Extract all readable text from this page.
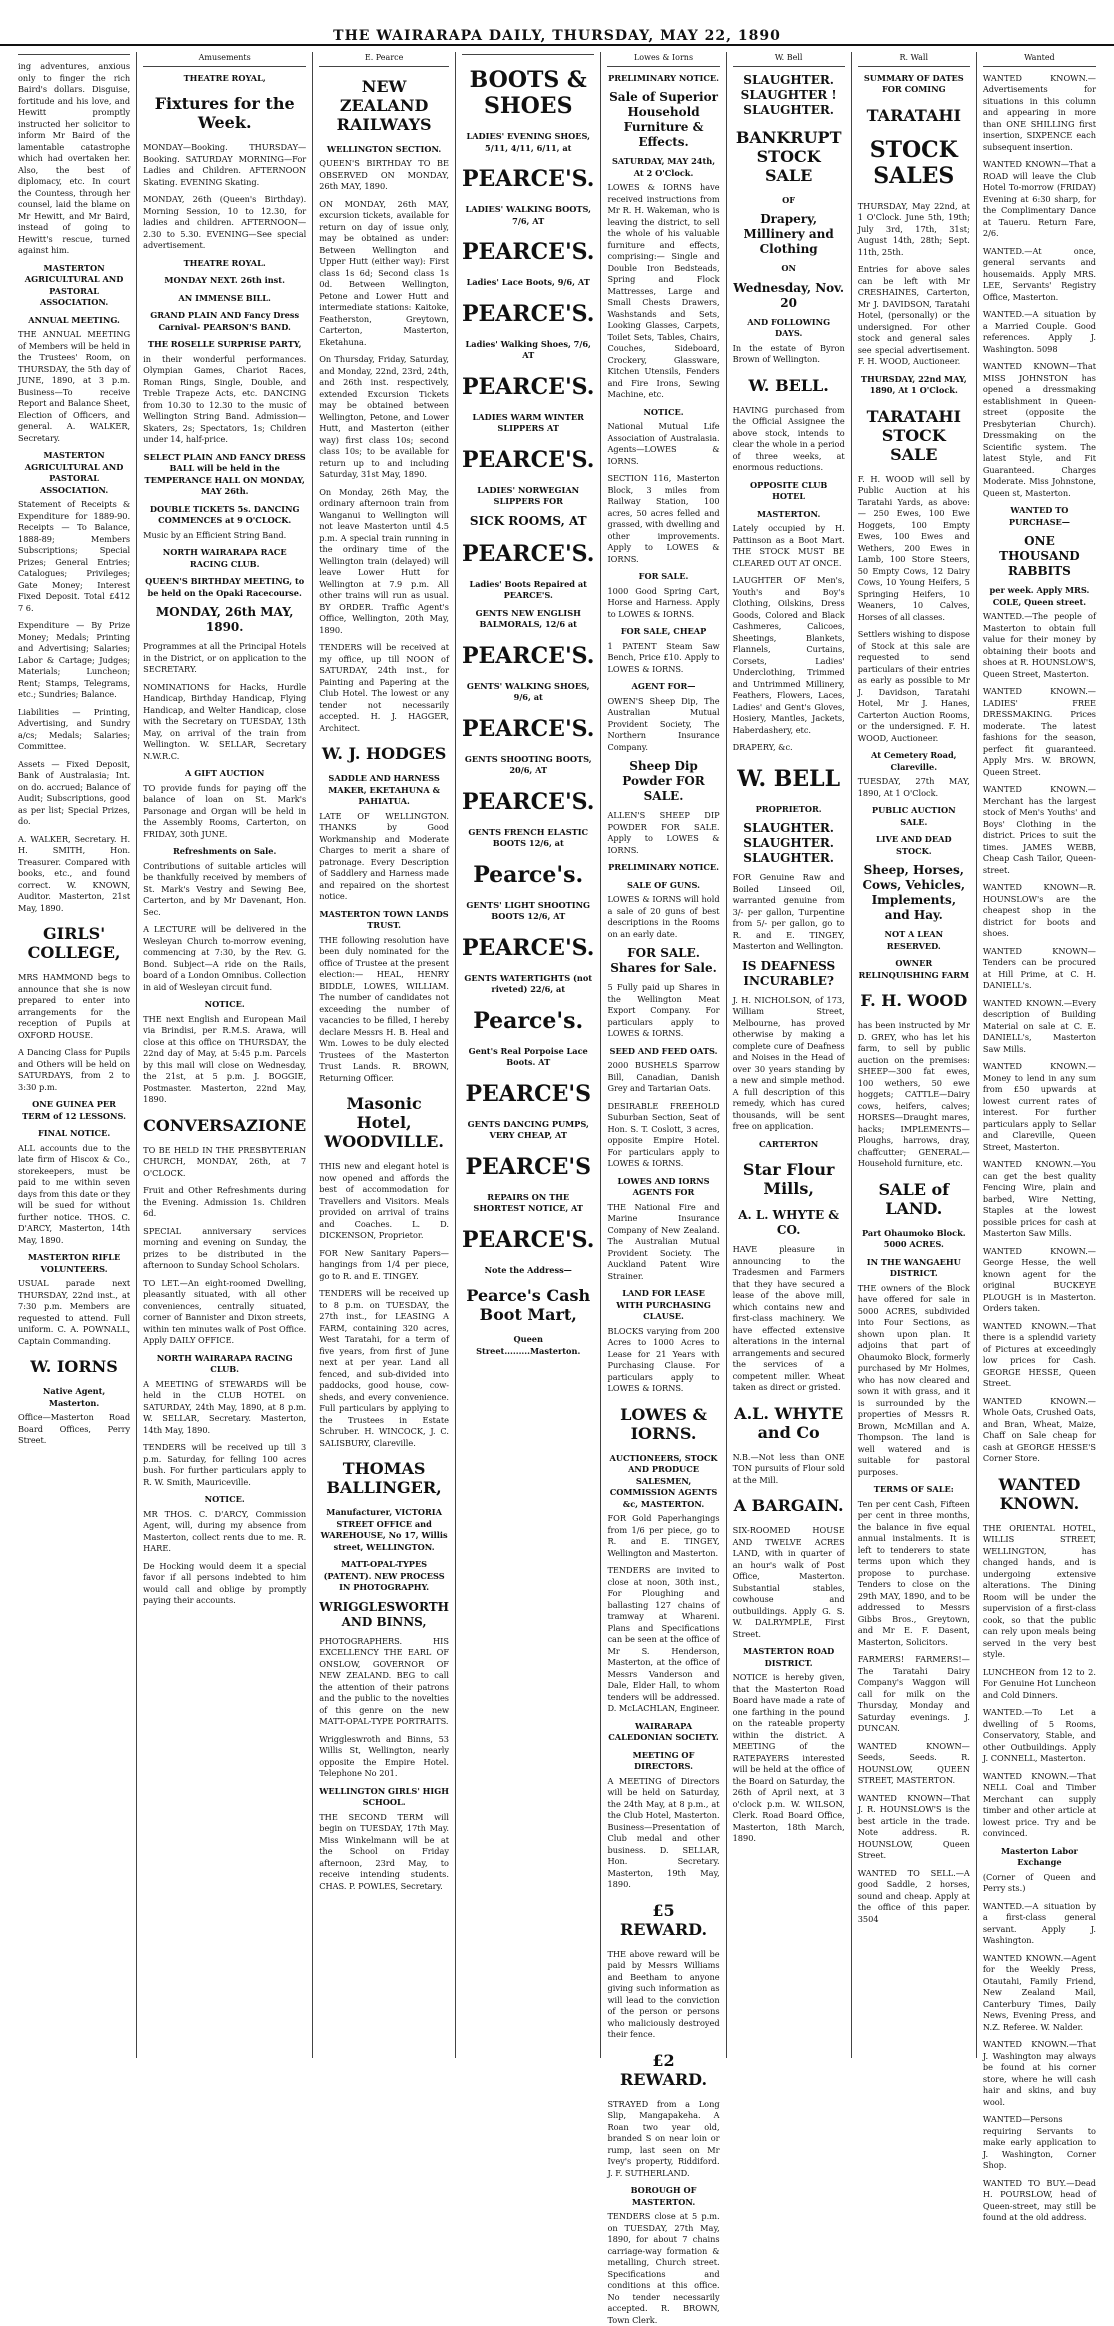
THE WAIRARAPA DAILY, THURSDAY, MAY 22, 1890
ing adventures, anxious only to finger the rich Baird's dollars. Disguise, fortitude and his love, and Hewitt promptly instructed her solicitor to inform Mr Baird of the lamentable catastrophe which had overtaken her. Also, the best of diplomacy, etc. In court the Countess, through her counsel, laid the blame on Mr Hewitt, and Mr Baird, instead of going to Hewitt's rescue, turned against him.
MASTERTON AGRICULTURAL AND PASTORAL ASSOCIATION.
ANNUAL MEETING.
THE ANNUAL MEETING of Members will be held in the Trustees' Room, on THURSDAY, the 5th day of JUNE, 1890, at 3 p.m. Business—To receive Report and Balance Sheet, Election of Officers, and general. A. WALKER, Secretary.
MASTERTON AGRICULTURAL AND PASTORAL ASSOCIATION.
Statement of Receipts & Expenditure for 1889-90. Receipts — To Balance, 1888-89; Members Subscriptions; Special Prizes; General Entries; Catalogues; Privileges; Gate Money; Interest Fixed Deposit. Total £412 7 6.
Expenditure — By Prize Money; Medals; Printing and Advertising; Salaries; Labor & Cartage; Judges; Materials; Luncheon; Rent; Stamps, Telegrams, etc.; Sundries; Balance.
Liabilities — Printing, Advertising, and Sundry a/cs; Medals; Salaries; Committee.
Assets — Fixed Deposit, Bank of Australasia; Int. on do. accrued; Balance of Audit; Subscriptions, good as per list; Special Prizes, do.
A. WALKER, Secretary. H. H. SMITH, Hon. Treasurer. Compared with books, etc., and found correct. W. KNOWN, Auditor. Masterton, 21st May, 1890.
GIRLS' COLLEGE,
MRS HAMMOND begs to announce that she is now prepared to enter into arrangements for the reception of Pupils at OXFORD HOUSE.
A Dancing Class for Pupils and Others will be held on SATURDAYS, from 2 to 3:30 p.m.
ONE GUINEA PER TERM of 12 LESSONS.
FINAL NOTICE.
ALL accounts due to the late firm of Hiscox & Co., storekeepers, must be paid to me within seven days from this date or they will be sued for without further notice. THOS. C. D'ARCY, Masterton, 14th May, 1890.
MASTERTON RIFLE VOLUNTEERS.
USUAL parade next THURSDAY, 22nd inst., at 7:30 p.m. Members are requested to attend. Full uniform. C. A. POWNALL, Captain Commanding.
W. IORNS
Native Agent, Masterton.
Office—Masterton Road Board Offices, Perry Street.
Amusements
THEATRE ROYAL,
Fixtures for the Week.
MONDAY—Booking. THURSDAY—Booking. SATURDAY MORNING—For Ladies and Children. AFTERNOON Skating. EVENING Skating.
MONDAY, 26th (Queen's Birthday). Morning Session, 10 to 12.30, for ladies and children. AFTERNOON—2.30 to 5.30. EVENING—See special advertisement.
THEATRE ROYAL.
MONDAY NEXT. 26th inst.
AN IMMENSE BILL.
GRAND PLAIN AND Fancy Dress Carnival- PEARSON'S BAND.
THE ROSELLE SURPRISE PARTY,
in their wonderful performances. Olympian Games, Chariot Races, Roman Rings, Single, Double, and Treble Trapeze Acts, etc. DANCING from 10.30 to 12.30 to the music of Wellington String Band. Admission—Skaters, 2s; Spectators, 1s; Children under 14, half-price.
SELECT PLAIN AND FANCY DRESS BALL will be held in the TEMPERANCE HALL ON MONDAY, MAY 26th.
DOUBLE TICKETS 5s. DANCING COMMENCES at 9 O'CLOCK.
Music by an Efficient String Band.
NORTH WAIRARAPA RACE RACING CLUB.
QUEEN'S BIRTHDAY MEETING, to be held on the Opaki Racecourse.
MONDAY, 26th MAY, 1890.
Programmes at all the Principal Hotels in the District, or on application to the SECRETARY.
NOMINATIONS for Hacks, Hurdle Handicap, Birthday Handicap, Flying Handicap, and Welter Handicap, close with the Secretary on TUESDAY, 13th May, on arrival of the train from Wellington. W. SELLAR, Secretary N.W.R.C.
A GIFT AUCTION
TO provide funds for paying off the balance of loan on St. Mark's Parsonage and Organ will be held in the Assembly Rooms, Carterton, on FRIDAY, 30th JUNE.
Refreshments on Sale.
Contributions of suitable articles will be thankfully received by members of St. Mark's Vestry and Sewing Bee, Carterton, and by Mr Davenant, Hon. Sec.
A LECTURE will be delivered in the Wesleyan Church to-morrow evening, commencing at 7:30, by the Rev. G. Bond. Subject—A ride on the Rails, board of a London Omnibus. Collection in aid of Wesleyan circuit fund.
NOTICE.
THE next English and European Mail via Brindisi, per R.M.S. Arawa, will close at this office on THURSDAY, the 22nd day of May, at 5:45 p.m. Parcels by this mail will close on Wednesday, the 21st, at 5 p.m. J. BOGGIE, Postmaster. Masterton, 22nd May, 1890.
CONVERSAZIONE
TO BE HELD IN THE PRESBYTERIAN CHURCH, MONDAY, 26th, at 7 O'CLOCK.
Fruit and Other Refreshments during the Evening. Admission 1s. Children 6d.
SPECIAL anniversary services morning and evening on Sunday, the prizes to be distributed in the afternoon to Sunday School Scholars.
TO LET.—An eight-roomed Dwelling, pleasantly situated, with all other conveniences, centrally situated, corner of Bannister and Dixon streets, within ten minutes walk of Post Office. Apply DAILY OFFICE.
NORTH WAIRARAPA RACING CLUB.
A MEETING of STEWARDS will be held in the CLUB HOTEL on SATURDAY, 24th May, 1890, at 8 p.m. W. SELLAR, Secretary. Masterton, 14th May, 1890.
TENDERS will be received up till 3 p.m. Saturday, for felling 100 acres bush. For further particulars apply to R. W. Smith, Mauriceville.
NOTICE.
MR THOS. C. D'ARCY, Commission Agent, will, during my absence from Masterton, collect rents due to me. R. HARE.
De Hocking would deem it a special favor if all persons indebted to him would call and oblige by promptly paying their accounts.
E. Pearce
NEW ZEALAND RAILWAYS
WELLINGTON SECTION.
QUEEN'S BIRTHDAY TO BE OBSERVED ON MONDAY, 26th MAY, 1890.
ON MONDAY, 26th MAY, excursion tickets, available for return on day of issue only, may be obtained as under: Between Wellington and Upper Hutt (either way): First class 1s 6d; Second class 1s 0d. Between Wellington, Petone and Lower Hutt and intermediate stations: Kaitoke, Featherston, Greytown, Carterton, Masterton, Eketahuna.
On Thursday, Friday, Saturday, and Monday, 22nd, 23rd, 24th, and 26th inst. respectively, extended Excursion Tickets may be obtained between Wellington, Petone, and Lower Hutt, and Masterton (either way) first class 10s; second class 10s; to be available for return up to and including Saturday, 31st May, 1890.
On Monday, 26th May, the ordinary afternoon train from Wanganui to Wellington will not leave Masterton until 4.5 p.m. A special train running in the ordinary time of the Wellington train (delayed) will leave Lower Hutt for Wellington at 7.9 p.m. All other trains will run as usual. BY ORDER. Traffic Agent's Office, Wellington, 20th May, 1890.
TENDERS will be received at my office, up till NOON of SATURDAY, 24th inst., for Painting and Papering at the Club Hotel. The lowest or any tender not necessarily accepted. H. J. HAGGER, Architect.
W. J. HODGES
SADDLE AND HARNESS MAKER, EKETAHUNA & PAHIATUA.
LATE OF WELLINGTON. THANKS by Good Workmanship and Moderate Charges to merit a share of patronage. Every Description of Saddlery and Harness made and repaired on the shortest notice.
MASTERTON TOWN LANDS TRUST.
THE following resolution have been duly nominated for the office of Trustee at the present election:— HEAL, HENRY BIDDLE, LOWES, WILLIAM. The number of candidates not exceeding the number of vacancies to be filled, I hereby declare Messrs H. B. Heal and Wm. Lowes to be duly elected Trustees of the Masterton Trust Lands. R. BROWN, Returning Officer.
Masonic Hotel, WOODVILLE.
THIS new and elegant hotel is now opened and affords the best of accommodation for Travellers and Visitors. Meals provided on arrival of trains and Coaches. L. D. DICKENSON, Proprietor.
FOR New Sanitary Papers—hangings from 1/4 per piece, go to R. and E. TINGEY.
TENDERS will be received up to 8 p.m. on TUESDAY, the 27th inst., for LEASING A FARM, containing 320 acres, West Taratahi, for a term of five years, from first of June next at per year. Land all fenced, and sub-divided into paddocks, good house, cow-sheds, and every convenience. Full particulars by applying to the Trustees in Estate Schruber. H. WINCOCK, J. C. SALISBURY, Clareville.
THOMAS BALLINGER,
Manufacturer, VICTORIA STREET OFFICE and WAREHOUSE, No 17, Willis street, WELLINGTON.
MATT-OPAL-TYPES (PATENT). NEW PROCESS IN PHOTOGRAPHY.
WRIGGLESWORTH AND BINNS,
PHOTOGRAPHERS. HIS EXCELLENCY THE EARL OF ONSLOW, GOVERNOR OF NEW ZEALAND. BEG to call the attention of their patrons and the public to the novelties of this genre on the new MATT-OPAL-TYPE PORTRAITS.
Wriggleswroth and Binns, 53 Willis St, Wellington, nearly opposite the Empire Hotel. Telephone No 201.
WELLINGTON GIRLS' HIGH SCHOOL.
THE SECOND TERM will begin on TUESDAY, 17th May. Miss Winkelmann will be at the School on Friday afternoon, 23rd May, to receive intending students. CHAS. P. POWLES, Secretary.
BOOTS & SHOES
LADIES' EVENING SHOES, 5/11, 4/11, 6/11, at
PEARCE'S.
LADIES' WALKING BOOTS, 7/6, AT
PEARCE'S.
Ladies' Lace Boots, 9/6, AT
PEARCE'S.
Ladies' Walking Shoes, 7/6, AT
PEARCE'S.
LADIES WARM WINTER SLIPPERS AT
PEARCE'S.
LADIES' NORWEGIAN SLIPPERS FOR
SICK ROOMS, AT
PEARCE'S.
Ladies' Boots Repaired at PEARCE'S.
GENTS NEW ENGLISH BALMORALS, 12/6 at
PEARCE'S.
GENTS' WALKING SHOES, 9/6, at
PEARCE'S.
GENTS SHOOTING BOOTS, 20/6, AT
PEARCE'S.
GENTS FRENCH ELASTIC BOOTS 12/6, at
Pearce's.
GENTS' LIGHT SHOOTING BOOTS 12/6, AT
PEARCE'S.
GENTS WATERTIGHTS (not riveted) 22/6, at
Pearce's.
Gent's Real Porpoise Lace Boots. AT
PEARCE'S
GENTS DANCING PUMPS, VERY CHEAP, AT
PEARCE'S
REPAIRS ON THE SHORTEST NOTICE, AT
PEARCE'S.
Note the Address—
Pearce's Cash Boot Mart,
Queen Street.........Masterton.
Lowes & Iorns
PRELIMINARY NOTICE.
Sale of Superior Household Furniture & Effects.
SATURDAY, MAY 24th, At 2 O'Clock.
LOWES & IORNS have received instructions from Mr R. H. Wakeman, who is leaving the district, to sell the whole of his valuable furniture and effects, comprising:— Single and Double Iron Bedsteads, Spring and Flock Mattresses, Large and Small Chests Drawers, Washstands and Sets, Looking Glasses, Carpets, Toilet Sets, Tables, Chairs, Couches, Sideboard, Crockery, Glassware, Kitchen Utensils, Fenders and Fire Irons, Sewing Machine, etc.
NOTICE.
National Mutual Life Association of Australasia. Agents—LOWES & IORNS.
SECTION 116, Masterton Block, 3 miles from Railway Station, 100 acres, 50 acres felled and grassed, with dwelling and other improvements. Apply to LOWES & IORNS.
FOR SALE.
1000 Good Spring Cart, Horse and Harness. Apply to LOWES & IORNS.
FOR SALE, CHEAP
1 PATENT Steam Saw Bench, Price £10. Apply to LOWES & IORNS.
AGENT FOR—
OWEN'S Sheep Dip, The Australian Mutual Provident Society, The Northern Insurance Company.
Sheep Dip Powder FOR SALE.
ALLEN'S SHEEP DIP POWDER FOR SALE. Apply to LOWES & IORNS.
PRELIMINARY NOTICE.
SALE OF GUNS.
LOWES & IORNS will hold a sale of 20 guns of best descriptions in the Rooms on an early date.
FOR SALE. Shares for Sale.
5 Fully paid up Shares in the Wellington Meat Export Company. For particulars apply to LOWES & IORNS.
SEED AND FEED OATS.
2000 BUSHELS Sparrow Bill, Canadian, Danish Grey and Tartarian Oats.
DESIRABLE FREEHOLD Suburban Section, Seat of Hon. S. T. Coslott, 3 acres, opposite Empire Hotel. For particulars apply to LOWES & IORNS.
LOWES AND IORNS AGENTS FOR
THE National Fire and Marine Insurance Company of New Zealand. The Australian Mutual Provident Society. The Auckland Patent Wire Strainer.
LAND FOR LEASE WITH PURCHASING CLAUSE.
BLOCKS varying from 200 Acres to 1000 Acres to Lease for 21 Years with Purchasing Clause. For particulars apply to LOWES & IORNS.
LOWES & IORNS.
AUCTIONEERS, STOCK AND PRODUCE SALESMEN, COMMISSION AGENTS &c, MASTERTON.
FOR Gold Paperhangings from 1/6 per piece, go to R. and E. TINGEY, Wellington and Masterton.
TENDERS are invited to close at noon, 30th inst., For Ploughing and ballasting 127 chains of tramway at Whareni. Plans and Specifications can be seen at the office of Mr S. Henderson, Masterton, at the office of Messrs Vanderson and Dale, Elder Hall, to whom tenders will be addressed. D. McLACHLAN, Engineer.
WAIRARAPA CALEDONIAN SOCIETY.
MEETING OF DIRECTORS.
A MEETING of Directors will be held on Saturday, the 24th May, at 8 p.m., at the Club Hotel, Masterton. Business—Presentation of Club medal and other business. D. SELLAR, Hon. Secretary. Masterton, 19th May, 1890.
£5 REWARD.
THE above reward will be paid by Messrs Williams and Beetham to anyone giving such information as will lead to the conviction of the person or persons who maliciously destroyed their fence.
£2 REWARD.
STRAYED from a Long Slip, Mangapakeha. A Roan two year old, branded S on near loin or rump, last seen on Mr Ivey's property, Riddiford. J. F. SUTHERLAND.
BOROUGH OF MASTERTON.
TENDERS close at 5 p.m. on TUESDAY, 27th May, 1890, for about 7 chains carriage-way formation & metalling, Church street. Specifications and conditions at this office. No tender necessarily accepted. R. BROWN, Town Clerk.
W. Bell
SLAUGHTER. SLAUGHTER ! SLAUGHTER.
BANKRUPT STOCK SALE
OF
Drapery, Millinery and Clothing
ON
Wednesday, Nov. 20
AND FOLLOWING DAYS.
In the estate of Byron Brown of Wellington.
W. BELL.
HAVING purchased from the Official Assignee the above stock, intends to clear the whole in a period of three weeks, at enormous reductions.
OPPOSITE CLUB HOTEL
MASTERTON.
Lately occupied by H. Pattinson as a Boot Mart. THE STOCK MUST BE CLEARED OUT AT ONCE.
LAUGHTER OF Men's, Youth's and Boy's Clothing, Oilskins, Dress Goods, Colored and Black Cashmeres, Calicoes, Sheetings, Blankets, Flannels, Curtains, Corsets, Ladies' Underclothing, Trimmed and Untrimmed Millinery, Feathers, Flowers, Laces, Ladies' and Gent's Gloves, Hosiery, Mantles, Jackets, Haberdashery, etc.
DRAPERY, &c.
W. BELL
PROPRIETOR.
SLAUGHTER. SLAUGHTER. SLAUGHTER.
FOR Genuine Raw and Boiled Linseed Oil, warranted genuine from 3/- per gallon, Turpentine from 5/- per gallon, go to R. and E. TINGEY, Masterton and Wellington.
IS DEAFNESS INCURABLE?
J. H. NICHOLSON, of 173, William Street, Melbourne, has proved otherwise by making a complete cure of Deafness and Noises in the Head of over 30 years standing by a new and simple method. A full description of this remedy, which has cured thousands, will be sent free on application.
CARTERTON
Star Flour Mills,
A. L. WHYTE & CO.
HAVE pleasure in announcing to the Tradesmen and Farmers that they have secured a lease of the above mill, which contains new and first-class machinery. We have effected extensive alterations in the internal arrangements and secured the services of a competent miller. Wheat taken as direct or gristed.
A.L. WHYTE and Co
N.B.—Not less than ONE TON pursuits of Flour sold at the Mill.
A BARGAIN.
SIX-ROOMED HOUSE AND TWELVE ACRES LAND, with in quarter of an hour's walk of Post Office, Masterton. Substantial stables, cowhouse and outbuildings. Apply G. S. W. DALRYMPLE, First Street.
MASTERTON ROAD DISTRICT.
NOTICE is hereby given, that the Masterton Road Board have made a rate of one farthing in the pound on the rateable property within the district. A MEETING of the RATEPAYERS interested will be held at the office of the Board on Saturday, the 26th of April next, at 3 o'clock p.m. W. WILSON, Clerk. Road Board Office, Masterton, 18th March, 1890.
R. Wall
SUMMARY OF DATES FOR COMING
TARATAHI
STOCK SALES
THURSDAY, May 22nd, at 1 O'Clock. June 5th, 19th; July 3rd, 17th, 31st; August 14th, 28th; Sept. 11th, 25th.
Entries for above sales can be left with Mr CRESHAINES, Carterton, Mr J. DAVIDSON, Taratahi Hotel, (personally) or the undersigned. For other stock and general sales see special advertisement. F. H. WOOD, Auctioneer.
THURSDAY, 22nd MAY, 1890, At 1 O'Clock.
TARATAHI STOCK SALE
F. H. WOOD will sell by Public Auction at his Taratahi Yards, as above:— 250 Ewes, 100 Ewe Hoggets, 100 Empty Ewes, 100 Ewes and Wethers, 200 Ewes in Lamb, 100 Store Steers, 50 Empty Cows, 12 Dairy Cows, 10 Young Heifers, 5 Springing Heifers, 10 Weaners, 10 Calves, Horses of all classes.
Settlers wishing to dispose of Stock at this sale are requested to send particulars of their entries as early as possible to Mr J. Davidson, Taratahi Hotel, Mr J. Hanes, Carterton Auction Rooms, or the undersigned. F. H. WOOD, Auctioneer.
At Cemetery Road, Clareville.
TUESDAY, 27th MAY, 1890, At 1 O'Clock.
PUBLIC AUCTION SALE.
LIVE AND DEAD STOCK.
Sheep, Horses, Cows, Vehicles, Implements, and Hay.
NOT A LEAN RESERVED.
OWNER RELINQUISHING FARM
F. H. WOOD
has been instructed by Mr D. GREY, who has let his farm, to sell by public auction on the premises: SHEEP—300 fat ewes, 100 wethers, 50 ewe hoggets; CATTLE—Dairy cows, heifers, calves; HORSES—Draught mares, hacks; IMPLEMENTS—Ploughs, harrows, dray, chaffcutter; GENERAL—Household furniture, etc.
SALE of LAND.
Part Ohaumoko Block. 5000 ACRES.
IN THE WANGAEHU DISTRICT.
THE owners of the Block have offered for sale in 5000 ACRES, subdivided into Four Sections, as shown upon plan. It adjoins that part of Ohaumoko Block, formerly purchased by Mr Holmes, who has now cleared and sown it with grass, and it is surrounded by the properties of Messrs R. Brown, McMillan and A. Thompson. The land is well watered and is suitable for pastoral purposes.
TERMS OF SALE:
Ten per cent Cash, Fifteen per cent in three months, the balance in five equal annual instalments. It is left to tenderers to state terms upon which they propose to purchase. Tenders to close on the 29th MAY, 1890, and to be addressed to Messrs Gibbs Bros., Greytown, and Mr E. F. Dasent, Masterton, Solicitors.
FARMERS! FARMERS!—The Taratahi Dairy Company's Waggon will call for milk on the Thursday, Monday and Saturday evenings. J. DUNCAN.
WANTED KNOWN—Seeds, Seeds. R. HOUNSLOW, QUEEN STREET, MASTERTON.
WANTED KNOWN—That J. R. HOUNSLOW'S is the best article in the trade. Note address. R. HOUNSLOW, Queen Street.
WANTED TO SELL.—A good Saddle, 2 horses, sound and cheap. Apply at the office of this paper. 3504
Wanted
WANTED KNOWN.—Advertisements for situations in this column and appearing in more than ONE SHILLING first insertion, SIXPENCE each subsequent insertion.
WANTED KNOWN—That a ROAD will leave the Club Hotel To-morrow (FRIDAY) Evening at 6:30 sharp, for the Complimentary Dance at Taueru. Return Fare, 2/6.
WANTED.—At once, general servants and housemaids. Apply MRS. LEE, Servants' Registry Office, Masterton.
WANTED.—A situation by a Married Couple. Good references. Apply J. Washington. 5098
WANTED KNOWN—That MISS JOHNSTON has opened a dressmaking establishment in Queen-street (opposite the Presbyterian Church). Dressmaking on the Scientific system. The latest Style, and Fit Guaranteed. Charges Moderate. Miss Johnstone, Queen st, Masterton.
WANTED TO PURCHASE—
ONE THOUSAND RABBITS
per week. Apply MRS. COLE, Queen street.
WANTED.—The people of Masterton to obtain full value for their money by obtaining their boots and shoes at R. HOUNSLOW'S, Queen Street, Masterton.
WANTED KNOWN.—LADIES' FREE DRESSMAKING. Prices moderate. The latest fashions for the season, perfect fit guaranteed. Apply Mrs. W. BROWN, Queen Street.
WANTED KNOWN.—Merchant has the largest stock of Men's Youths' and Boys' Clothing in the district. Prices to suit the times. JAMES WEBB, Cheap Cash Tailor, Queen-street.
WANTED KNOWN—R. HOUNSLOW's are the cheapest shop in the district for boots and shoes.
WANTED KNOWN—Tenders can be procured at Hill Prime, at C. H. DANIELL's.
WANTED KNOWN.—Every description of Building Material on sale at C. E. DANIELL's, Masterton Saw Mills.
WANTED KNOWN.—Money to lend in any sum from £50 upwards at lowest current rates of interest. For further particulars apply to Sellar and Clareville, Queen Street, Masterton.
WANTED KNOWN.—You can get the best quality Fencing Wire, plain and barbed, Wire Netting, Staples at the lowest possible prices for cash at Masterton Saw Mills.
WANTED KNOWN.—George Hesse, the well known agent for the original BUCKEYE PLOUGH is in Masterton. Orders taken.
WANTED KNOWN.—That there is a splendid variety of Pictures at exceedingly low prices for Cash. GEORGE HESSE, Queen Street.
WANTED KNOWN.—Whole Oats, Crushed Oats, and Bran, Wheat, Maize, Chaff on Sale cheap for cash at GEORGE HESSE'S Corner Store.
WANTED KNOWN.
THE ORIENTAL HOTEL, WILLIS STREET, WELLINGTON, has changed hands, and is undergoing extensive alterations. The Dining Room will be under the supervision of a first-class cook, so that the public can rely upon meals being served in the very best style.
LUNCHEON from 12 to 2. For Genuine Hot Luncheon and Cold Dinners.
WANTED.—To Let a dwelling of 5 Rooms, Conservatory, Stable, and other Outbuildings. Apply J. CONNELL, Masterton.
WANTED KNOWN.—That NELL Coal and Timber Merchant can supply timber and other article at lowest price. Try and be convinced.
Masterton Labor Exchange
(Corner of Queen and Perry sts.)
WANTED.—A situation by a first-class general servant. Apply J. Washington.
WANTED KNOWN.—Agent for the Weekly Press, Otautahi, Family Friend, New Zealand Mail, Canterbury Times, Daily News, Evening Press, and N.Z. Referee. W. Nalder.
WANTED KNOWN.—That J. Washington may always be found at his corner store, where he will cash hair and skins, and buy wool.
WANTED—Persons requiring Servants to make early application to J. Washington, Corner Shop.
WANTED TO BUY.—Dead H. POURSLOW, head of Queen-street, may still be found at the old address.
